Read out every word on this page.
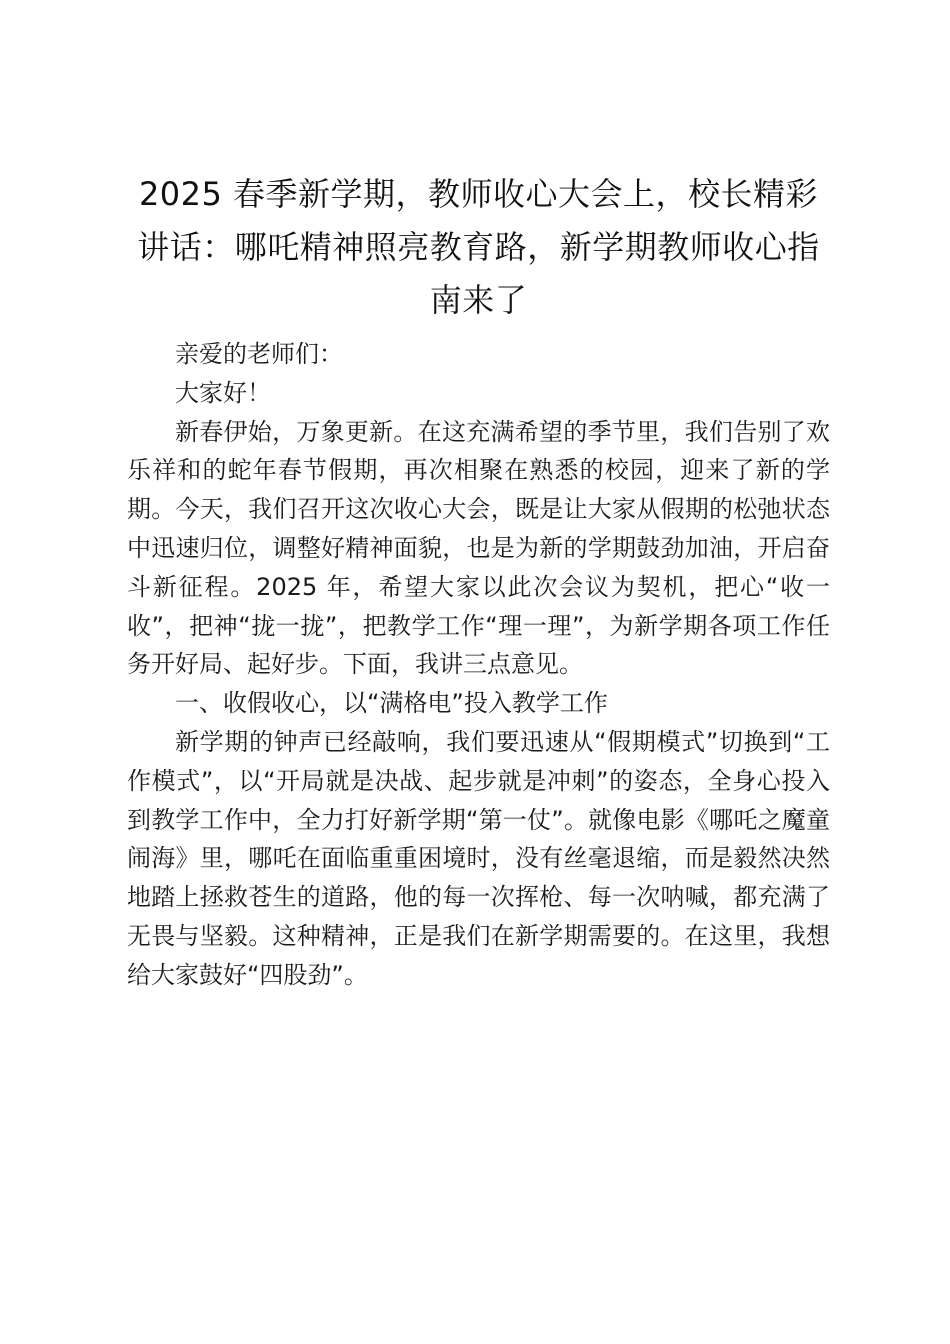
2025 春季新学期，教师收心大会上，校长精彩讲话：哪吒精神照亮教育路，新学期教师收心指南来了

亲爱的老师们：

大家好！

新春伊始，万象更新。在这充满希望的季节里，我们告别了欢乐祥和的蛇年春节假期，再次相聚在熟悉的校园，迎来了新的学期。今天，我们召开这次收心大会，既是让大家从假期的松弛状态中迅速归位，调整好精神面貌，也是为新的学期鼓劲加油，开启奋斗新征程。2025 年，希望大家以此次会议为契机，把心“收一收”，把神“拢一拢”，把教学工作“理一理”，为新学期各项工作任务开好局、起好步。下面，我讲三点意见。

一、收假收心，以“满格电”投入教学工作

新学期的钟声已经敲响，我们要迅速从“假期模式”切换到“工作模式”，以“开局就是决战、起步就是冲刺”的姿态，全身心投入到教学工作中，全力打好新学期“第一仗”。就像电影《哪吒之魔童闹海》里，哪吒在面临重重困境时，没有丝毫退缩，而是毅然决然地踏上拯救苍生的道路，他的每一次挥枪、每一次呐喊，都充满了无畏与坚毅。这种精神，正是我们在新学期需要的。在这里，我想给大家鼓好“四股劲”。
